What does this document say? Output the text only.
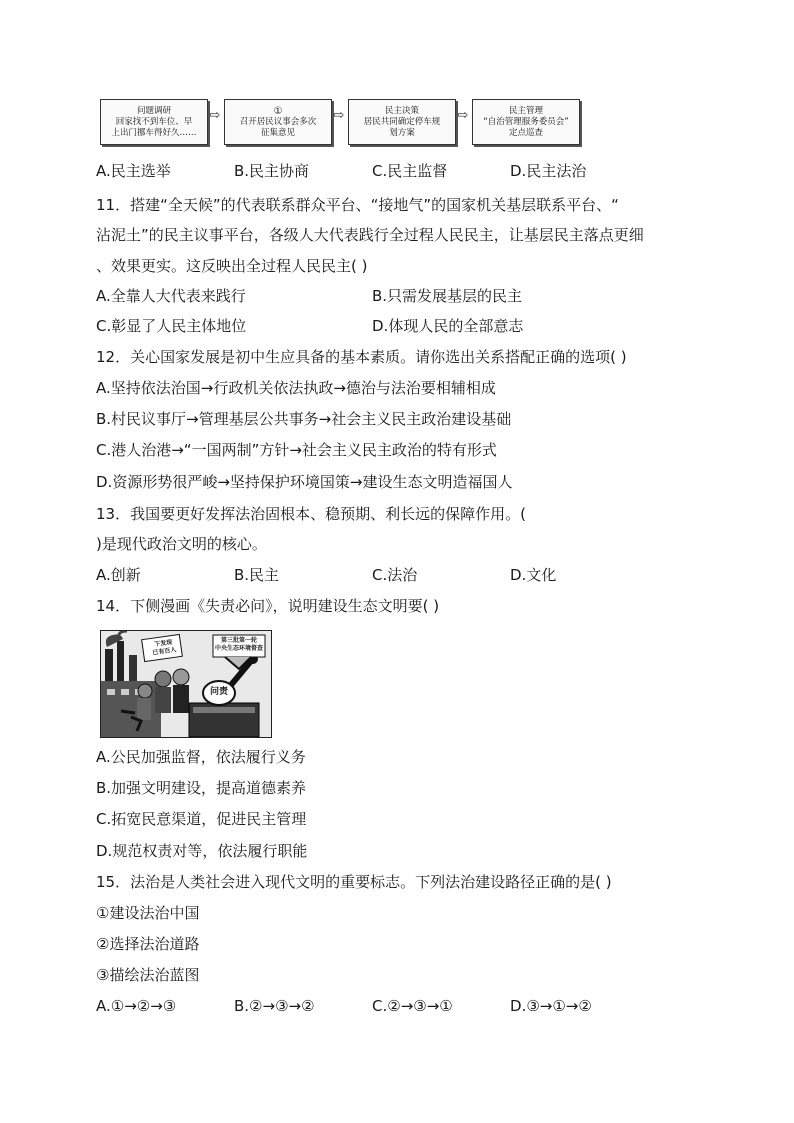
问题调研
回家找不到车位、早
上出门挪车得好久……
⇨	①
召开居民议事会多次
征集意见
⇨	民主决策
居民共同确定停车规
划方案
⇨	民主管理
“自治管理服务委员会”
定点巡查
A.民主选举	B.民主协商	C.民主监督	D.民主法治
11．搭建“全天候”的代表联系群众平台、“接地气”的国家机关基层联系平台、“
沾泥土”的民主议事平台，各级人大代表践行全过程人民民主，让基层民主落点更细
、效果更实。这反映出全过程人民民主( )
A.全靠人大代表来践行	B.只需发展基层的民主
C.彰显了人民主体地位	D.体现人民的全部意志
12．关心国家发展是初中生应具备的基本素质。请你选出关系搭配正确的选项( )
A.坚持依法治国→行政机关依法执政→德治与法治要相辅相成
B.村民议事厅→管理基层公共事务→社会主义民主政治建设基础
C.港人治港→“一国两制”方针→社会主义民主政治的特有形式
D.资源形势很严峻→坚持保护环境国策→建设生态文明造福国人
13．我国要更好发挥法治固根本、稳预期、利长远的保障作用。(
)是现代政治文明的核心。
A.创新	B.民主	C.法治	D.文化
14．下侧漫画《失责必问》，说明建设生态文明要( )
下发现
已有百人
第三批第一轮
中央生态环境督查
问责
A.公民加强监督，依法履行义务
B.加强文明建设，提高道德素养
C.拓宽民意渠道，促进民主管理
D.规范权责对等，依法履行职能
15．法治是人类社会进入现代文明的重要标志。下列法治建设路径正确的是( )
①建设法治中国
②选择法治道路
③描绘法治蓝图
A.①→②→③	B.②→③→②	C.②→③→①	D.③→①→②
